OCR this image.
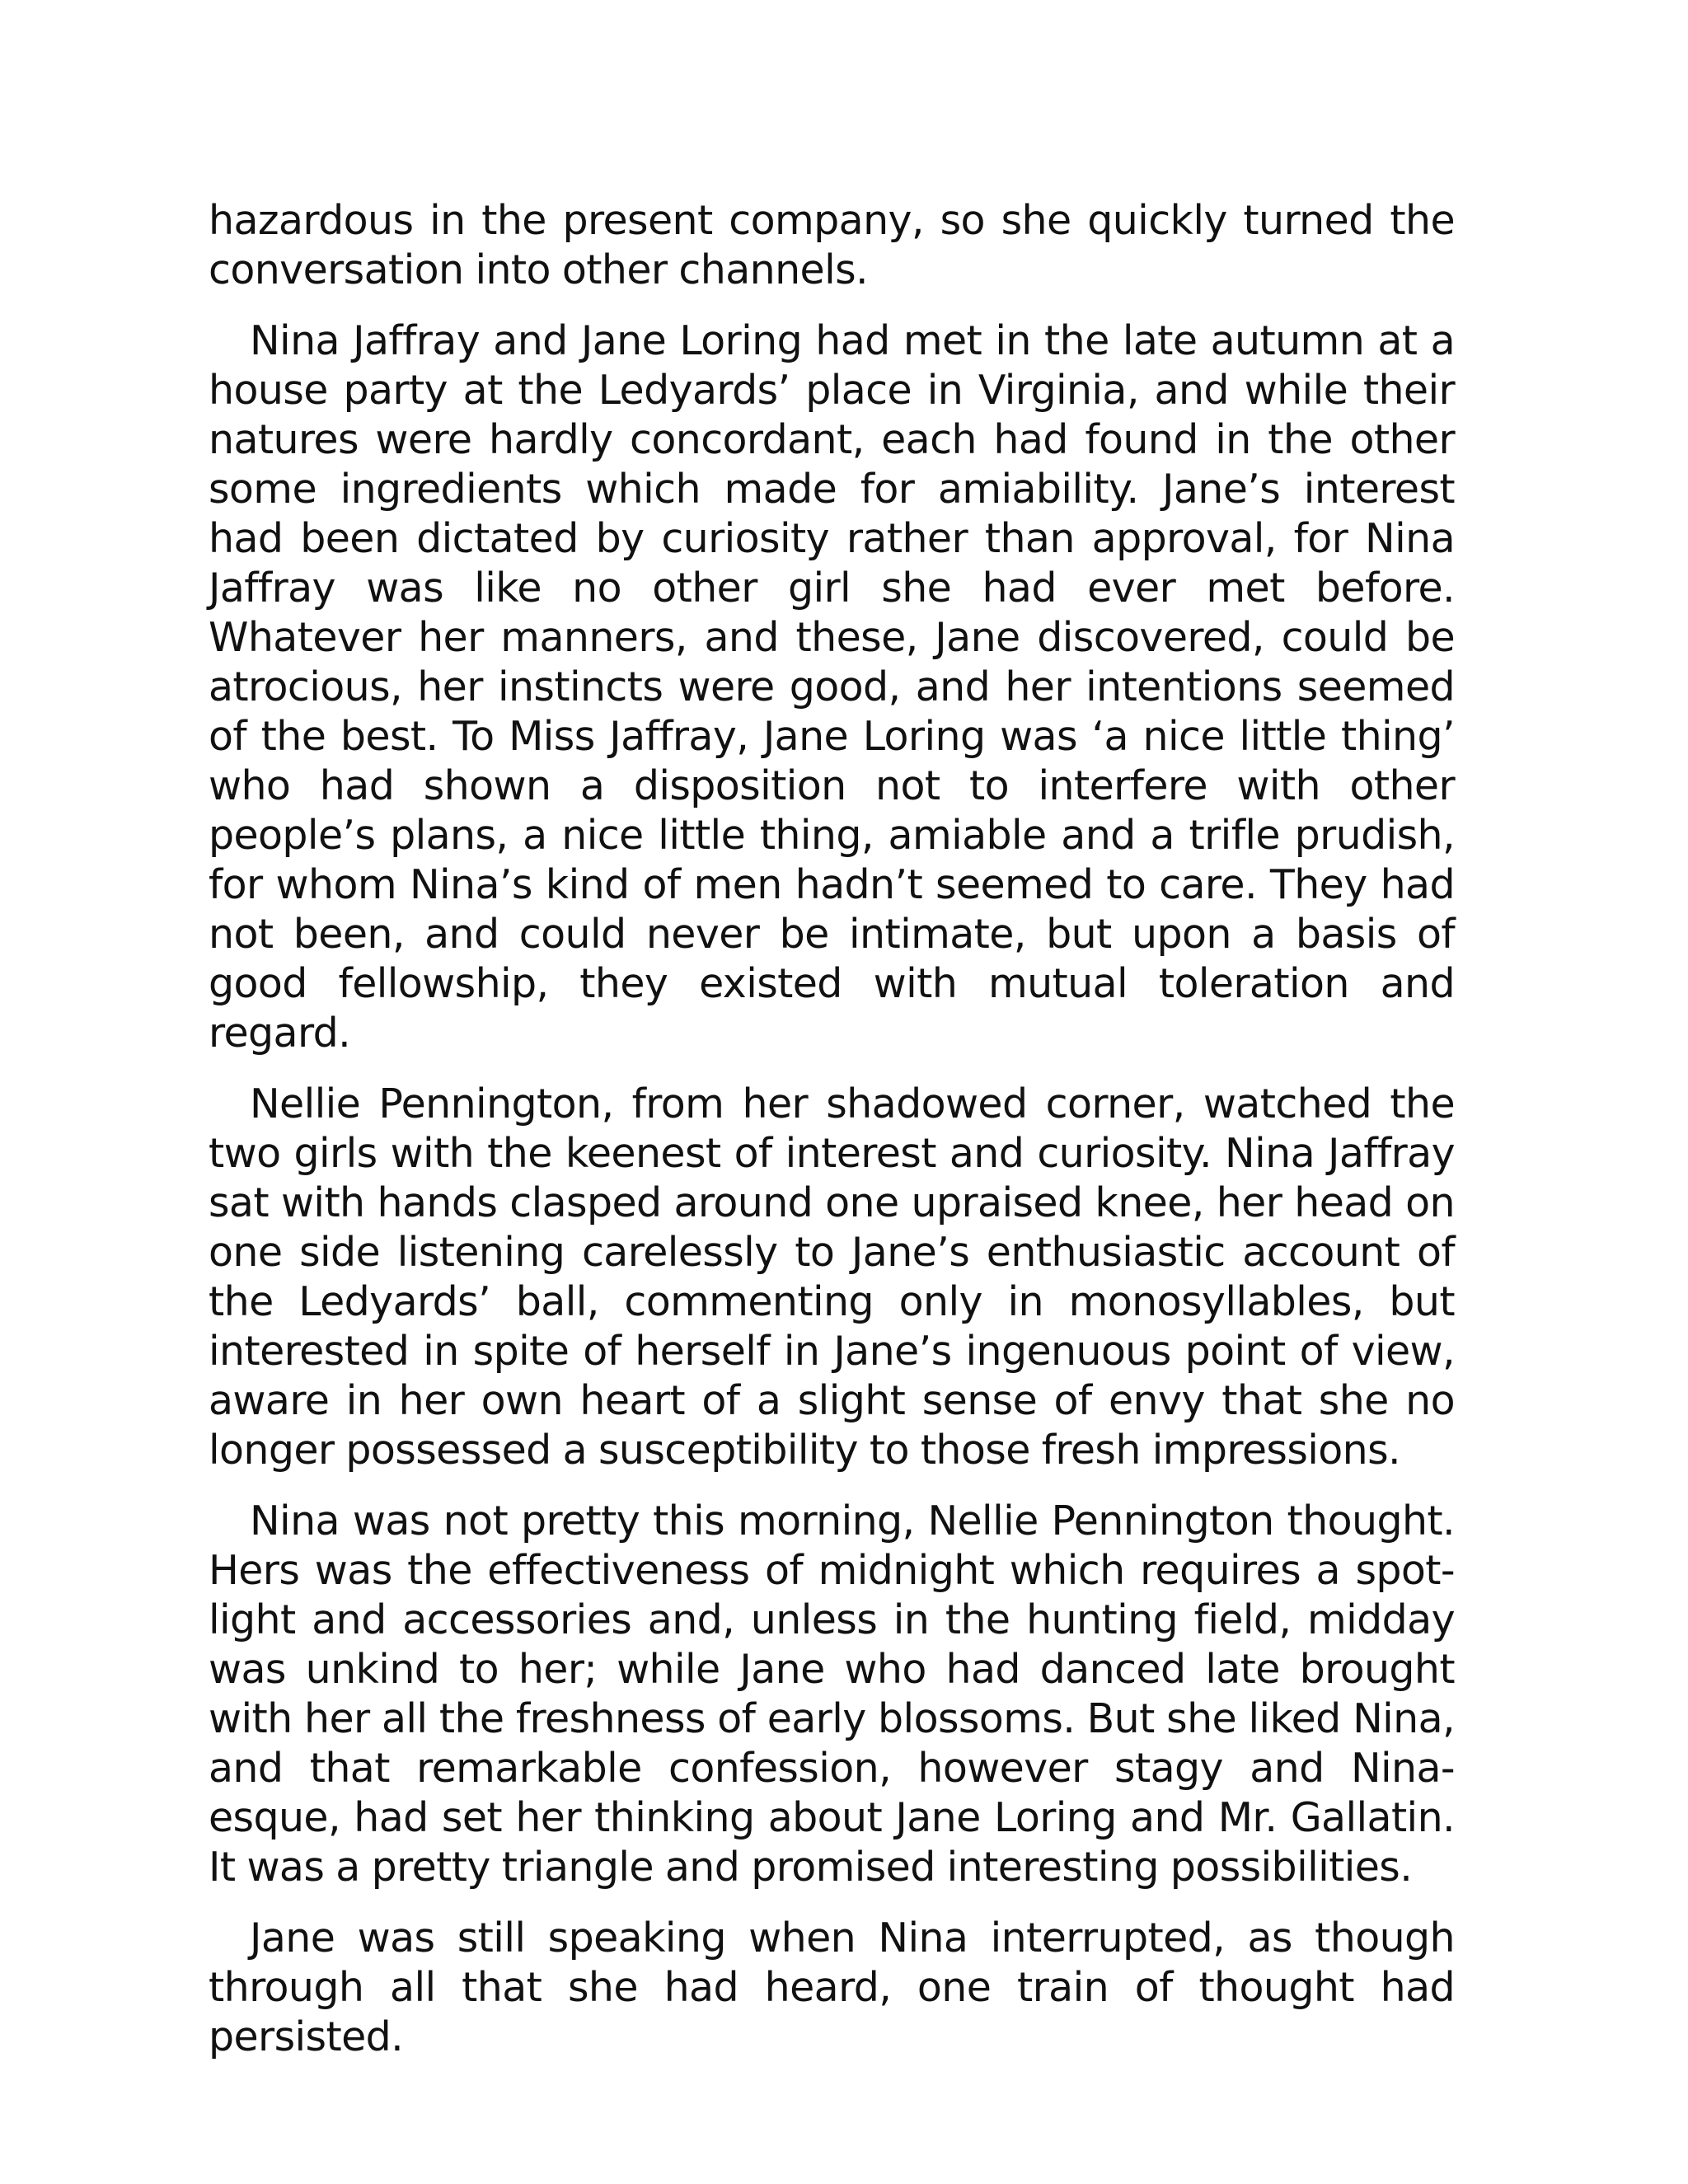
hazardous in the present company, so she quickly turned the conversation into other channels.

Nina Jaffray and Jane Loring had met in the late autumn at a house party at the Ledyards’ place in Virginia, and while their natures were hardly concordant, each had found in the other some ingredients which made for amiability. Jane’s interest had been dictated by curiosity rather than approval, for Nina Jaffray was like no other girl she had ever met before. Whatever her manners, and these, Jane discovered, could be atrocious, her instincts were good, and her intentions seemed of the best. To Miss Jaffray, Jane Loring was ‘a nice little thing’ who had shown a disposition not to interfere with other people’s plans, a nice little thing, amiable and a trifle prudish, for whom Nina’s kind of men hadn’t seemed to care. They had not been, and could never be intimate, but upon a basis of good fellowship, they existed with mutual toleration and regard.

Nellie Pennington, from her shadowed corner, watched the two girls with the keenest of interest and curiosity. Nina Jaffray sat with hands clasped around one upraised knee, her head on one side listening carelessly to Jane’s enthusiastic account of the Ledyards’ ball, commenting only in monosyllables, but interested in spite of herself in Jane’s ingenuous point of view, aware in her own heart of a slight sense of envy that she no longer possessed a susceptibility to those fresh impressions.

Nina was not pretty this morning, Nellie Pennington thought. Hers was the effectiveness of midnight which requires a spot-light and accessories and, unless in the hunting field, midday was unkind to her; while Jane who had danced late brought with her all the freshness of early blossoms. But she liked Nina, and that remarkable confession, however stagy and Nina-esque, had set her thinking about Jane Loring and Mr. Gallatin. It was a pretty triangle and promised interesting possibilities.

Jane was still speaking when Nina interrupted, as though through all that she had heard, one train of thought had persisted.
